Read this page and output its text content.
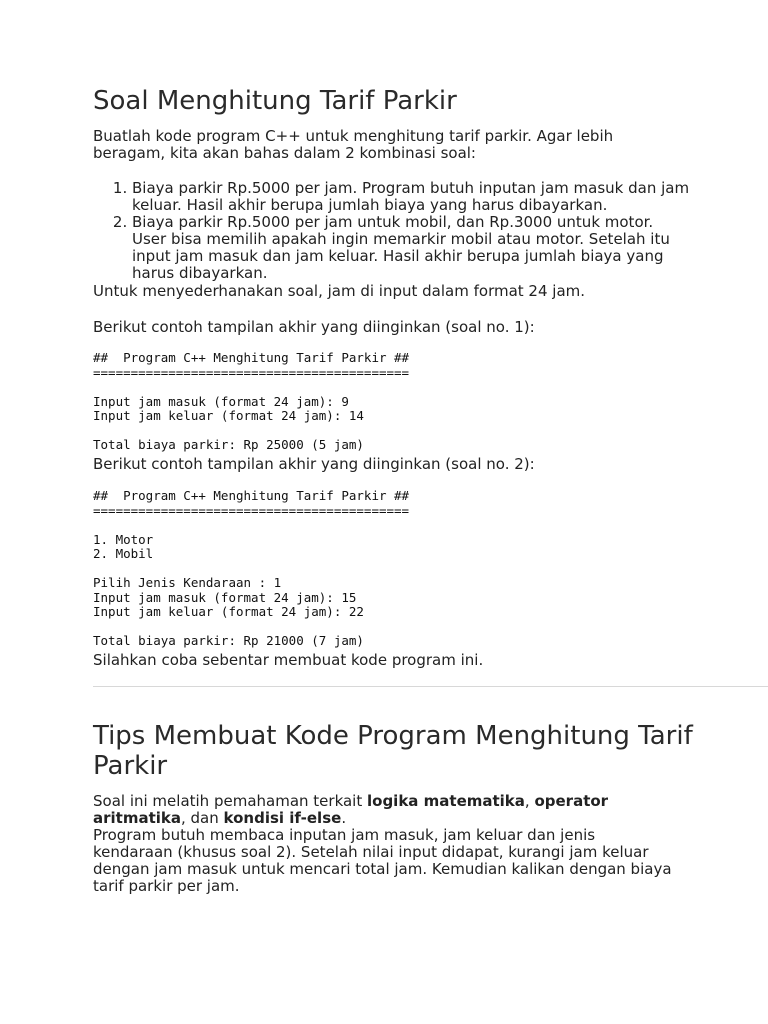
Soal Menghitung Tarif Parkir

Buatlah kode program C++ untuk menghitung tarif parkir. Agar lebih beragam, kita akan bahas dalam 2 kombinasi soal:

1. Biaya parkir Rp.5000 per jam. Program butuh inputan jam masuk dan jam keluar. Hasil akhir berupa jumlah biaya yang harus dibayarkan.
2. Biaya parkir Rp.5000 per jam untuk mobil, dan Rp.3000 untuk motor. User bisa memilih apakah ingin memarkir mobil atau motor. Setelah itu input jam masuk dan jam keluar. Hasil akhir berupa jumlah biaya yang harus dibayarkan.

Untuk menyederhanakan soal, jam di input dalam format 24 jam.

Berikut contoh tampilan akhir yang diinginkan (soal no. 1):

##  Program C++ Menghitung Tarif Parkir ##
==========================================

Input jam masuk (format 24 jam): 9
Input jam keluar (format 24 jam): 14

Total biaya parkir: Rp 25000 (5 jam)

Berikut contoh tampilan akhir yang diinginkan (soal no. 2):

##  Program C++ Menghitung Tarif Parkir ##
==========================================

1. Motor
2. Mobil

Pilih Jenis Kendaraan : 1
Input jam masuk (format 24 jam): 15
Input jam keluar (format 24 jam): 22

Total biaya parkir: Rp 21000 (7 jam)

Silahkan coba sebentar membuat kode program ini.

Tips Membuat Kode Program Menghitung Tarif Parkir

Soal ini melatih pemahaman terkait logika matematika, operator aritmatika, dan kondisi if-else.
Program butuh membaca inputan jam masuk, jam keluar dan jenis kendaraan (khusus soal 2). Setelah nilai input didapat, kurangi jam keluar dengan jam masuk untuk mencari total jam. Kemudian kalikan dengan biaya tarif parkir per jam.
